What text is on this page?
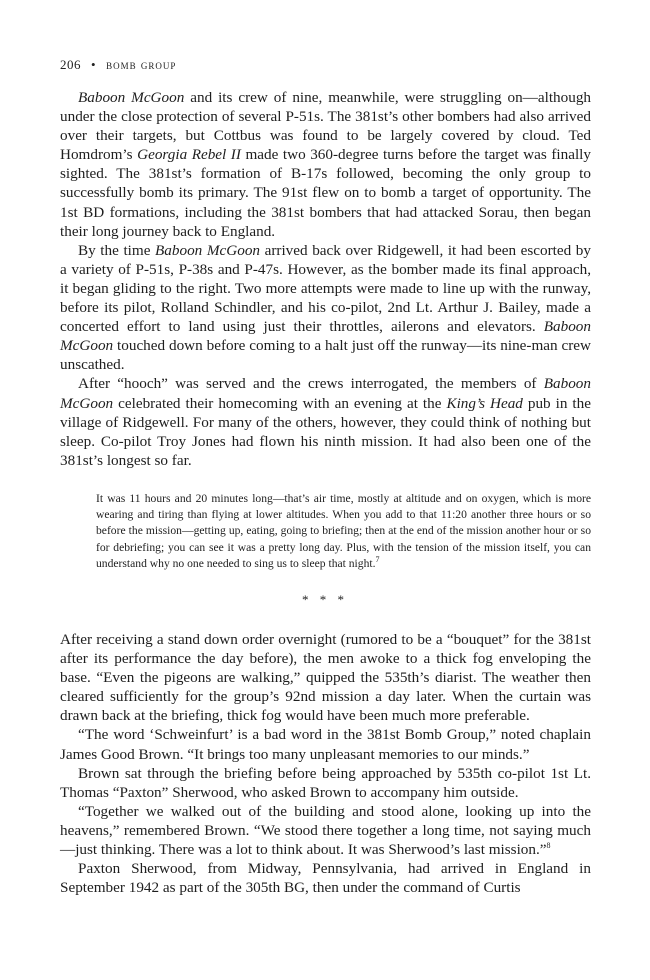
206 • bomb group

Baboon McGoon and its crew of nine, meanwhile, were struggling on—although under the close protection of several P-51s. The 381st’s other bombers had also arrived over their targets, but Cottbus was found to be largely covered by cloud. Ted Homdrom’s Georgia Rebel II made two 360-degree turns before the target was finally sighted. The 381st’s formation of B-17s followed, becoming the only group to successfully bomb its primary. The 91st flew on to bomb a target of opportunity. The 1st BD formations, including the 381st bombers that had attacked Sorau, then began their long journey back to England.

By the time Baboon McGoon arrived back over Ridgewell, it had been escorted by a variety of P-51s, P-38s and P-47s. However, as the bomber made its final approach, it began gliding to the right. Two more attempts were made to line up with the runway, before its pilot, Rolland Schindler, and his co-pilot, 2nd Lt. Arthur J. Bailey, made a concerted effort to land using just their throttles, ailerons and elevators. Baboon McGoon touched down before coming to a halt just off the runway—its nine-man crew unscathed.

After “hooch” was served and the crews interrogated, the members of Baboon McGoon celebrated their homecoming with an evening at the King’s Head pub in the village of Ridgewell. For many of the others, however, they could think of nothing but sleep. Co-pilot Troy Jones had flown his ninth mission. It had also been one of the 381st’s longest so far.

It was 11 hours and 20 minutes long—that’s air time, mostly at altitude and on oxygen, which is more wearing and tiring than flying at lower altitudes. When you add to that 11:20 another three hours or so before the mission—getting up, eating, going to briefing; then at the end of the mission another hour or so for debriefing; you can see it was a pretty long day. Plus, with the tension of the mission itself, you can understand why no one needed to sing us to sleep that night.$^7$

* * *

After receiving a stand down order overnight (rumored to be a “bouquet” for the 381st after its performance the day before), the men awoke to a thick fog enveloping the base. “Even the pigeons are walking,” quipped the 535th’s diarist. The weather then cleared sufficiently for the group’s 92nd mission a day later. When the curtain was drawn back at the briefing, thick fog would have been much more preferable.

“The word ‘Schweinfurt’ is a bad word in the 381st Bomb Group,” noted chaplain James Good Brown. “It brings too many unpleasant memories to our minds.”

Brown sat through the briefing before being approached by 535th co-pilot 1st Lt. Thomas “Paxton” Sherwood, who asked Brown to accompany him outside.

“Together we walked out of the building and stood alone, looking up into the heavens,” remembered Brown. “We stood there together a long time, not saying much—just thinking. There was a lot to think about. It was Sherwood’s last mission.”$^8$

Paxton Sherwood, from Midway, Pennsylvania, had arrived in England in September 1942 as part of the 305th BG, then under the command of Curtis
